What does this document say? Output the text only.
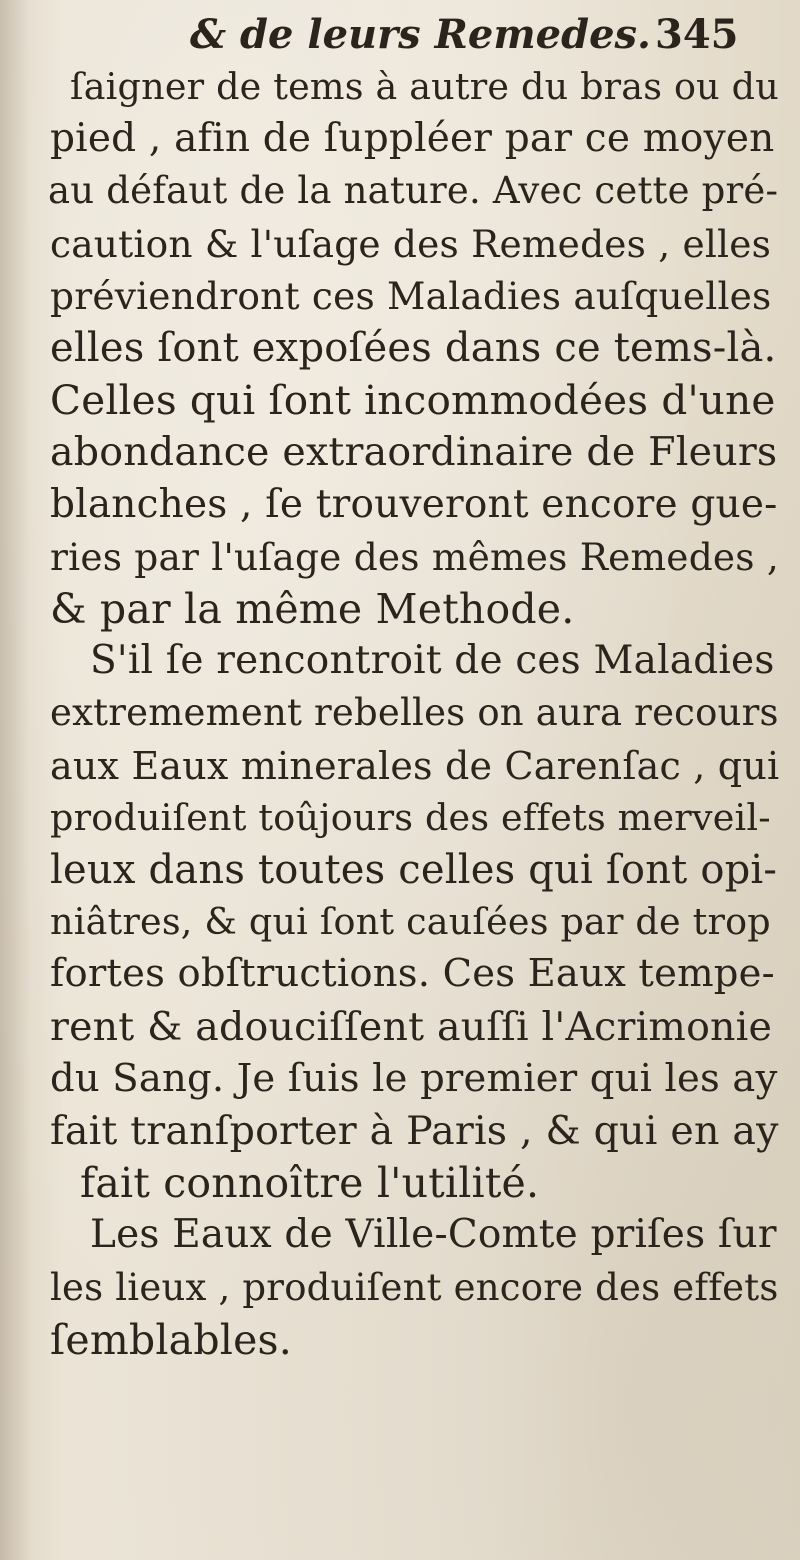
& de leurs Remedes. 345
ſaigner de tems à autre du bras ou du
pied , afin de ſuppléer par ce moyen
au défaut de la nature. Avec cette pré-
caution & l'uſage des Remedes , elles
préviendront ces Maladies auſquelles
elles ſont expoſées dans ce tems-là.
Celles qui ſont incommodées d'une
abondance extraordinaire de Fleurs
blanches , ſe trouveront encore gue-
ries par l'uſage des mêmes Remedes ,
& par la même Methode.
S'il ſe rencontroit de ces Maladies
extremement rebelles on aura recours
aux Eaux minerales de Carenſac , qui
produiſent toûjours des effets merveil-
leux dans toutes celles qui ſont opi-
niâtres, & qui ſont cauſées par de trop
fortes obſtructions. Ces Eaux tempe-
rent & adouciſſent auſſi l'Acrimonie
du Sang. Je ſuis le premier qui les ay
fait tranſporter à Paris , & qui en ay
fait connoître l'utilité.
Les Eaux de Ville-Comte priſes ſur
les lieux , produiſent encore des effets
ſemblables.
